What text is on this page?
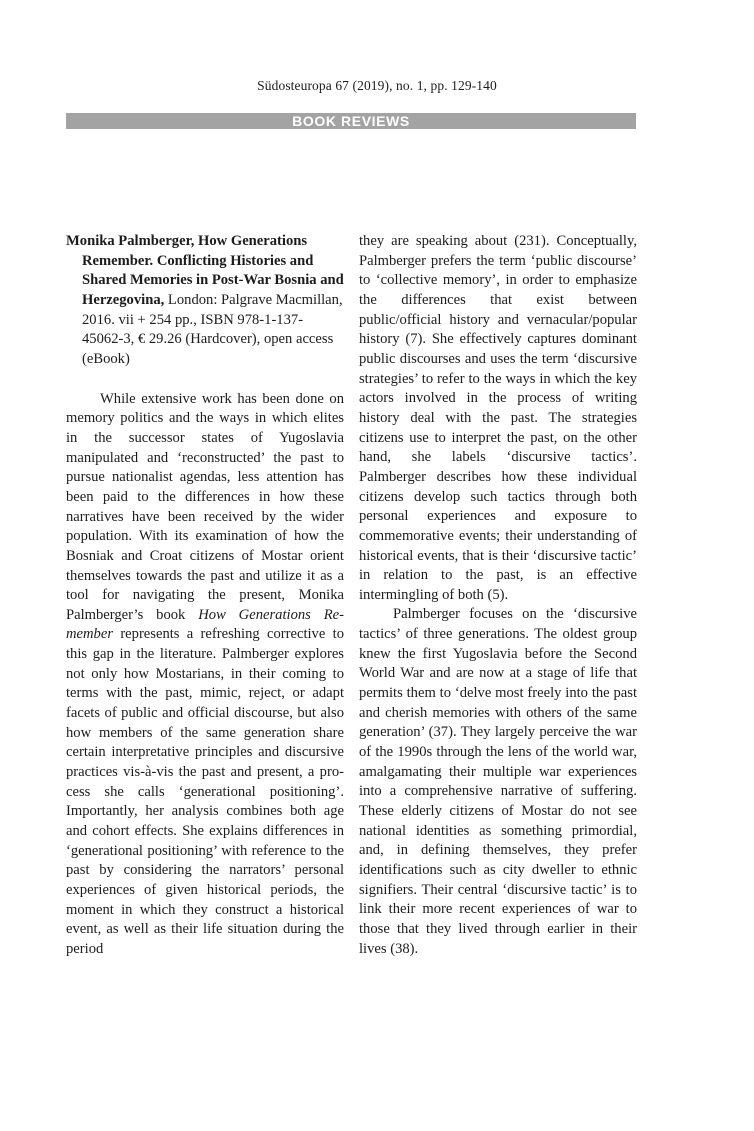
Südosteuropa 67 (2019), no. 1, pp. 129-140
BOOK REVIEWS

Monika Palmberger, How Generations Remember. Conflicting Histories and Shared Memories in Post-War Bosnia and Herzegovina, London: Palgrave Macmillan, 2016. vii + 254 pp., ISBN 978-1-137-45062-3, € 29.26 (Hardcover), open access (eBook)

While extensive work has been done on memory politics and the ways in which elites in the successor states of Yugoslavia manipulated and ‘reconstructed’ the past to pursue nationalist agendas, less attention has been paid to the differences in how these narratives have been received by the wider population. With its examination of how the Bosniak and Croat citizens of Mostar orient themselves towards the past and utilize it as a tool for navigating the present, Monika Palmberger’s book How Generations Remember represents a refreshing corrective to this gap in the literature. Palmberger explores not only how Mostarians, in their coming to terms with the past, mimic, reject, or adapt facets of public and official discourse, but also how members of the same generation share certain interpretative principles and discursive practices vis-à-vis the past and present, a process she calls ‘generational positioning’. Importantly, her analysis combines both age and cohort effects. She explains differences in ‘generational positioning’ with reference to the past by considering the narrators’ personal experiences of given historical periods, the moment in which they construct a historical event, as well as their life situation during the period

they are speaking about (231). Conceptually, Palmberger prefers the term ‘public discourse’ to ‘collective memory’, in order to emphasize the differences that exist between public/official history and vernacular/popular history (7). She effectively captures dominant public discourses and uses the term ‘discursive strategies’ to refer to the ways in which the key actors involved in the process of writing history deal with the past. The strategies citizens use to interpret the past, on the other hand, she labels ‘discursive tactics’. Palmberger describes how these individual citizens develop such tactics through both personal experiences and exposure to commemorative events; their understanding of historical events, that is their ‘discursive tactic’ in relation to the past, is an effective intermingling of both (5).

Palmberger focuses on the ‘discursive tactics’ of three generations. The oldest group knew the first Yugoslavia before the Second World War and are now at a stage of life that permits them to ‘delve most freely into the past and cherish memories with others of the same generation’ (37). They largely perceive the war of the 1990s through the lens of the world war, amalgamating their multiple war experiences into a comprehensive narrative of suffering. These elderly citizens of Mostar do not see national identities as something primordial, and, in defining themselves, they prefer identifications such as city dweller to ethnic signifiers. Their central ‘discursive tactic’ is to link their more recent experiences of war to those that they lived through earlier in their lives (38).
